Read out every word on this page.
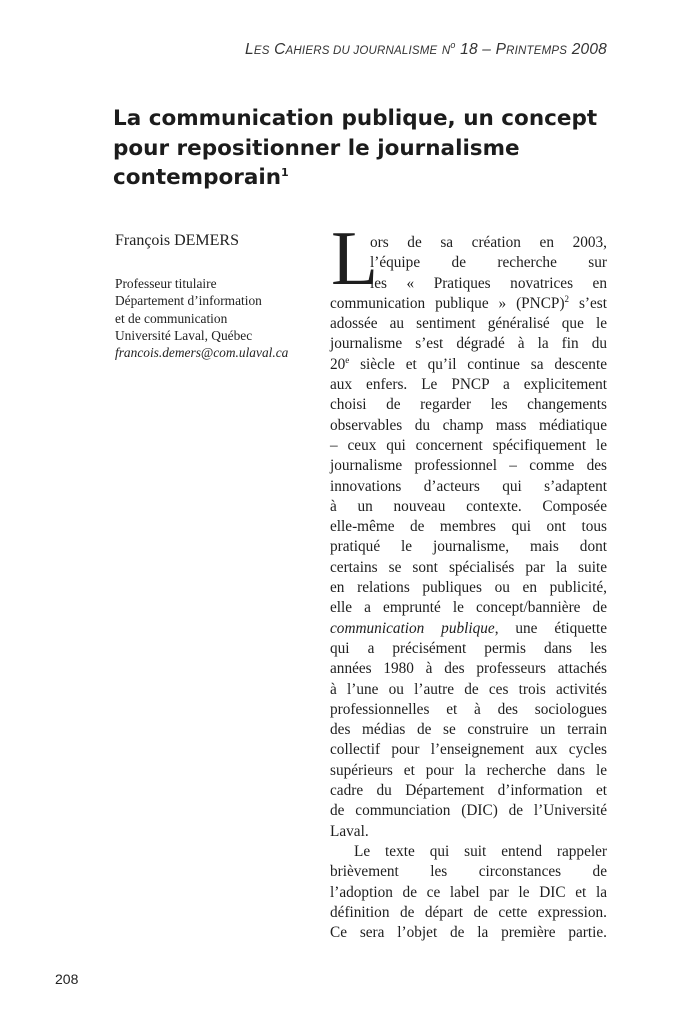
LES CAHIERS DU JOURNALISME $N^o$ 18 – PRINTEMPS 2008
La communication publique, un concept
pour repositionner le journalisme
contemporain$^1$
François DEMERS
Professeur titulaire
Département d’information
et de communication
Université Laval, Québec
francois.demers@com.ulaval.ca
L
ors de sa création en 2003,
l’équipe de recherche sur
les « Pratiques novatrices en
communication publique » (PNCP)$^2$ s’est
adossée au sentiment généralisé que le
journalisme s’est dégradé à la fin du
20e siècle et qu’il continue sa descente
aux enfers. Le PNCP a explicitement
choisi de regarder les changements
observables du champ mass médiatique
– ceux qui concernent spécifiquement le
journalisme professionnel – comme des
innovations d’acteurs qui s’adaptent
à un nouveau contexte. Composée
elle-même de membres qui ont tous
pratiqué le journalisme, mais dont
certains se sont spécialisés par la suite
en relations publiques ou en publicité,
elle a emprunté le concept/bannière de
communication publique, une étiquette
qui a précisément permis dans les
années 1980 à des professeurs attachés
à l’une ou l’autre de ces trois activités
professionnelles et à des sociologues
des médias de se construire un terrain
collectif pour l’enseignement aux cycles
supérieurs et pour la recherche dans le
cadre du Département d’information et
de communciation (DIC) de l’Université
Laval.
Le texte qui suit entend rappeler
brièvement les circonstances de
l’adoption de ce label par le DIC et la
définition de départ de cette expression.
Ce sera l’objet de la première partie.
208
